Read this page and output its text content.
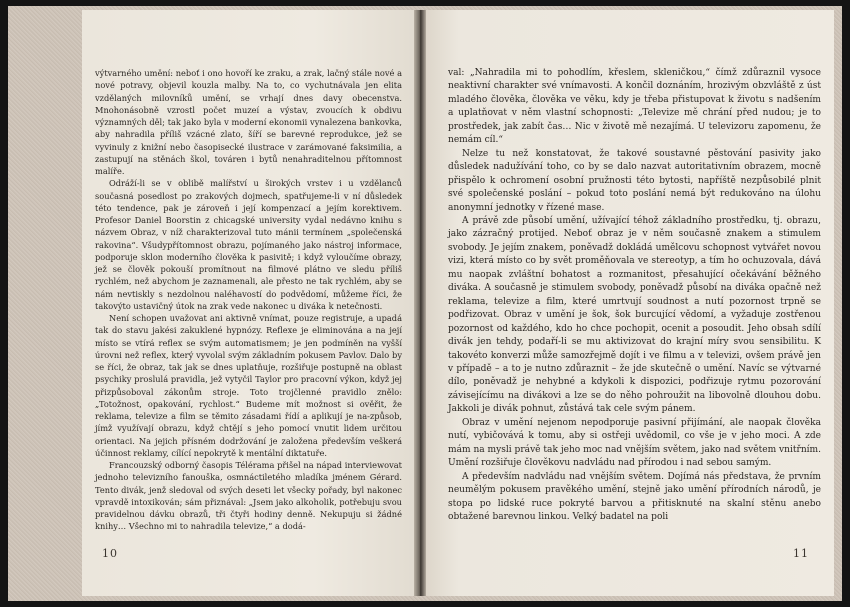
výtvarného umění: neboť i ono hovoří ke zraku, a zrak, lačný stále nové a nové potravy, objevil kouzla malby. Na to, co vychutnávala jen elita vzdělaných milovníků umění, se vrhají dnes davy obecenstva. Mnohonásobně vzrostl počet muzeí a výstav, zvoucích k obdivu významných děl; tak jako byla v moderní ekonomii vynalezena bankovka, aby nahradila příliš vzácné zlato, šíří se barevné reprodukce, jež se vyvinuly z knižní nebo časopisecké ilustrace v zarámované faksimilia, a zastupují na stěnách škol, továren i bytů nenahraditelnou přítomnost malíře.

Odráží-li se v oblibě malířství u širokých vrstev i u vzdělanců současná posedlost po zrakových dojmech, spatřujeme-li v ní důsledek této tendence, pak je zároveň i její kompenzací a jejím korektivem. Profesor Daniel Boorstin z chicagské university vydal nedávno knihu s názvem Obraz, v níž charakterizoval tuto mánii termínem „společenská rakovina“. Všudypřítomnost obrazu, pojímaného jako nástroj informace, podporuje sklon moderního člověka k pasivitě; i když vyloučíme obrazy, jež se člověk pokouší promítnout na filmové plátno ve sledu příliš rychlém, než abychom je zaznamenali, ale přesto ne tak rychlém, aby se nám nevtiskly s nezdolnou naléhavostí do podvědomí, můžeme říci, že takovýto ustavičný útok na zrak vede nakonec u diváka k netečnosti.

Není schopen uvažovat ani aktivně vnímat, pouze registruje, a upadá tak do stavu jakési zakuklené hypnózy. Reflexe je eliminována a na její místo se vtírá reflex se svým automatismem; je jen podmíněn na vyšší úrovni než reflex, který vyvolal svým základním pokusem Pavlov. Dalo by se říci, že obraz, tak jak se dnes uplatňuje, rozšiřuje postupně na oblast psychiky proslulá pravidla, jež vytyčil Taylor pro pracovní výkon, když jej přizpůsoboval zákonům stroje. Toto trojčlenné pravidlo znělo: „Totožnost, opakování, rychlost.“ Budeme mít možnost si ověřit, že reklama, televize a film se těmito zásadami řídí a aplikují je na-způsob, jímž využívají obrazu, když chtějí s jeho pomocí vnutit lidem určitou orientaci. Na jejich přísném dodržování je založena především veškerá účinnost reklamy, cílící nepokrytě k mentální diktatuře.

Francouzský odborný časopis Télérama přišel na nápad interviewovat jednoho televizního fanouška, osmnáctiletého mladíka jménem Gérard. Tento divák, jenž sledoval od svých deseti let všecky pořady, byl nakonec vpravdě intoxikován; sám přiznával: „Jsem jako alkoholik, potřebuju svou pravidelnou dávku obrazů, tři čtyři hodiny denně. Nekupuju si žádné knihy… Všechno mi to nahradila televize,“ a dodá-

10

val: „Nahradila mi to pohodlím, křeslem, skleničkou,“ čímž zdůraznil vysoce neaktivní charakter své vnímavosti. A končil doznáním, hrozivým obzvláště z úst mladého člověka, člověka ve věku, kdy je třeba přistupovat k životu s nadšením a uplatňovat v něm vlastní schopnosti: „Televize mě chrání před nudou; je to prostředek, jak zabít čas… Nic v životě mě nezajímá. U televizoru zapomenu, že nemám cíl.“

Nelze tu než konstatovat, že takové soustavné pěstování pasivity jako důsledek nadužívání toho, co by se dalo nazvat autoritativním obrazem, mocně přispělo k ochromení osobní pružnosti této bytosti, napříště nezpůsobilé plnit své společenské poslání – pokud toto poslání nemá být redukováno na úlohu anonymní jednotky v řízené mase.

A právě zde působí umění, užívající téhož základního prostředku, tj. obrazu, jako zázračný protijed. Neboť obraz je v něm současně znakem a stimulem svobody. Je jejím znakem, poněvadž dokládá umělcovu schopnost vytvářet novou vizi, která místo co by svět proměňovala ve stereotyp, a tím ho ochuzovala, dává mu naopak zvláštní bohatost a rozmanitost, přesahující očekávání běžného diváka. A současně je stimulem svobody, poněvadž působí na diváka opačně než reklama, televize a film, které umrtvují soudnost a nutí pozornost trpně se podřizovat. Obraz v umění je šok, šok burcující vědomí, a vyžaduje zostřenou pozornost od každého, kdo ho chce pochopit, ocenit a posoudit. Jeho obsah sdílí divák jen tehdy, podaří-li se mu aktivizovat do krajní míry svou sensibilitu. K takovéto konverzi může samozřejmě dojít i ve filmu a v televizi, ovšem právě jen v případě – a to je nutno zdůraznit – že jde skutečně o umění. Navíc se výtvarné dílo, poněvadž je nehybné a kdykoli k dispozici, podřizuje rytmu pozorování závisejícímu na divákovi a lze se do něho pohroužit na libovolně dlouhou dobu. Jakkoli je divák pohnut, zůstává tak cele svým pánem.

Obraz v umění nejenom nepodporuje pasivní přijímání, ale naopak člověka nutí, vybičovává k tomu, aby si ostřeji uvědomil, co vše je v jeho moci. A zde mám na mysli právě tak jeho moc nad vnějším světem, jako nad světem vnitřním. Umění rozšiřuje člověkovu nadvládu nad přírodou i nad sebou samým.

A především nadvládu nad vnějším světem. Dojímá nás představa, že prvním neumělým pokusem pravěkého umění, stejně jako umění přírodních národů, je stopa po lidské ruce pokryté barvou a přitisknuté na skalní stěnu anebo obtažené barevnou linkou. Velký badatel na poli

11
